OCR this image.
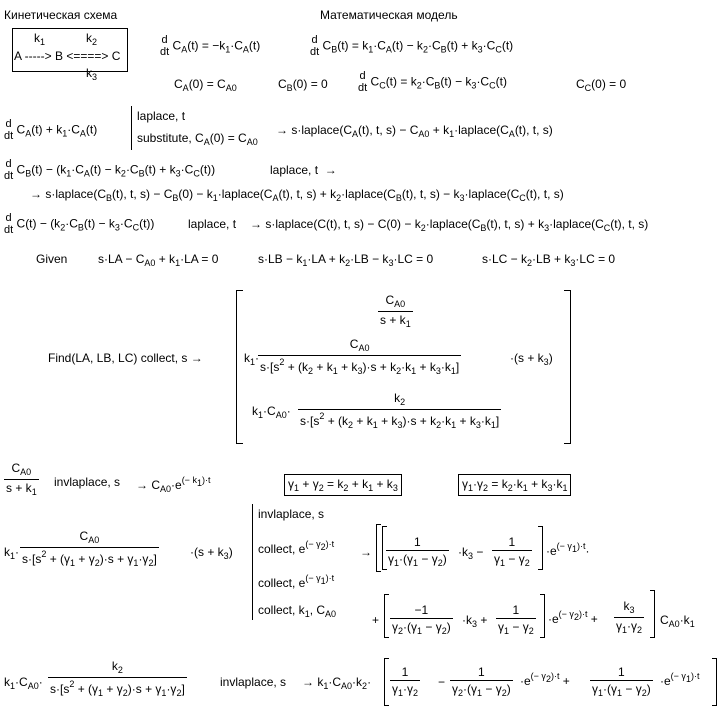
Кинетическая схема	Математическая модель
$k_1$	$k_2$
A -----> B <====> C
$k_3$
d
dt $C_A(t) = -k_1\cdot C_A(t)$	d
dt $C_B(t) = k_1\cdot C_A(t) - k_2\cdot C_B(t) + k_3\cdot C_C(t)$
$C_A(0) = C_{A0}$	$C_B(0) = 0$
d
dt $C_C(t) = k_2\cdot C_B(t) - k_3\cdot C_C(t)$	$C_C(0) = 0$
d
dt $C_A(t) + k_1\cdot C_A(t)$
laplace, t
substitute, $C_A(0) = C_{A0}$
→ $s\cdot laplace(C_A(t)$, t, $s) - C_{A0}$ + $k_1\cdot laplace(C_A(t)$, t, s)
d
dt $C_B(t) - (k_1\cdot C_A(t) - k_2\cdot C_B(t) + k_3\cdot C_C(t))$	laplace, t  →
→ $s\cdot laplace(C_B(t)$, t, $s) - C_B(0)$ − $k_1\cdot laplace(C_A(t)$, t, $s) + k_2\cdot laplace(C_B(t)$, t, $s) - k_3\cdot laplace(C_C(t)$, t, s)
d
dt $C(t) - (k_2\cdot C_B(t) - k_3\cdot C_C(t))$	laplace, t → s·laplace(C(t), t, $s) - C(0) - k_2\cdot laplace(C_B(t)$, t, $s) + k_3\cdot laplace(C_C(t)$, t, s)
Given	$s\cdot LA - C_{A0} + k_1\cdot LA = 0$	$s\cdot LB - k_1\cdot LA + k_2\cdot LB - k_3\cdot LC = 0$	$s\cdot LC - k_2\cdot LB + k_3\cdot LC = 0$
Find(LA, LB, LC) collect, s →
$C_{A0}$
$s + k_1$
$k_1\cdot$
$C_{A0}$
$s\cdot[s^2 + (k_2 + k_1 + k_3)\cdot s + k_2\cdot k_1 + k_3\cdot k_1]$
$\cdot(s + k_3)$
$k_1\cdot C_{A0}\cdot$
$k_2$
$s\cdot[s^2 + (k_2 + k_1 + k_3)\cdot s + k_2\cdot k_1 + k_3\cdot k_1]$
$C_{A0}$
$s + k_1$
invlaplace, $s \to C_{A0}\cdot e^{(- k_1)\cdot t}$	$\gamma_1 + \gamma_2 = k_2 + k_1 + k_3$	$\gamma_1\cdot\gamma_2 = k_2\cdot k_1 + k_3\cdot k_1$
$k_1\cdot$
$C_{A0}$
$s\cdot[s^2 + (\gamma_1 + \gamma_2)\cdot s + \gamma_1\cdot\gamma_2]$	$\cdot(s + k_3)$
invlaplace, s
collect, $e^{(- \gamma_2)\cdot t}$
collect, $e^{(- \gamma_1)\cdot t}$
collect, $k_1$, $C_{A0}$
→
1
$\gamma_1\cdot(\gamma_1 - \gamma_2) \cdot k_3$ −
1
$\gamma_1 - \gamma_2$
$\cdot e^{(- \gamma_1)\cdot t}\cdot$
+
−1
$\gamma_2\cdot(\gamma_1 - \gamma_2) \cdot k_3$ +
1
$\gamma_1 - \gamma_2$
$\cdot e^{(- \gamma_2)\cdot t}$ +
$k_3$
$\gamma_1\cdot\gamma_2$
$C_{A0}\cdot k_1$
$k_1\cdot C_{A0}\cdot$
$k_2$
$s\cdot[s^2 + (\gamma_1 + \gamma_2)\cdot s + \gamma_1\cdot\gamma_2]$	invlaplace, $s \to k_1\cdot C_{A0}\cdot k_2\cdot$
1
$\gamma_1\cdot\gamma_2$
−
1
$\gamma_2\cdot(\gamma_1 - \gamma_2)$
$\cdot e^{(- \gamma_2)\cdot t}$ +
1
$\gamma_1\cdot(\gamma_1 - \gamma_2)$
$\cdot e^{(- \gamma_1)\cdot t}$
